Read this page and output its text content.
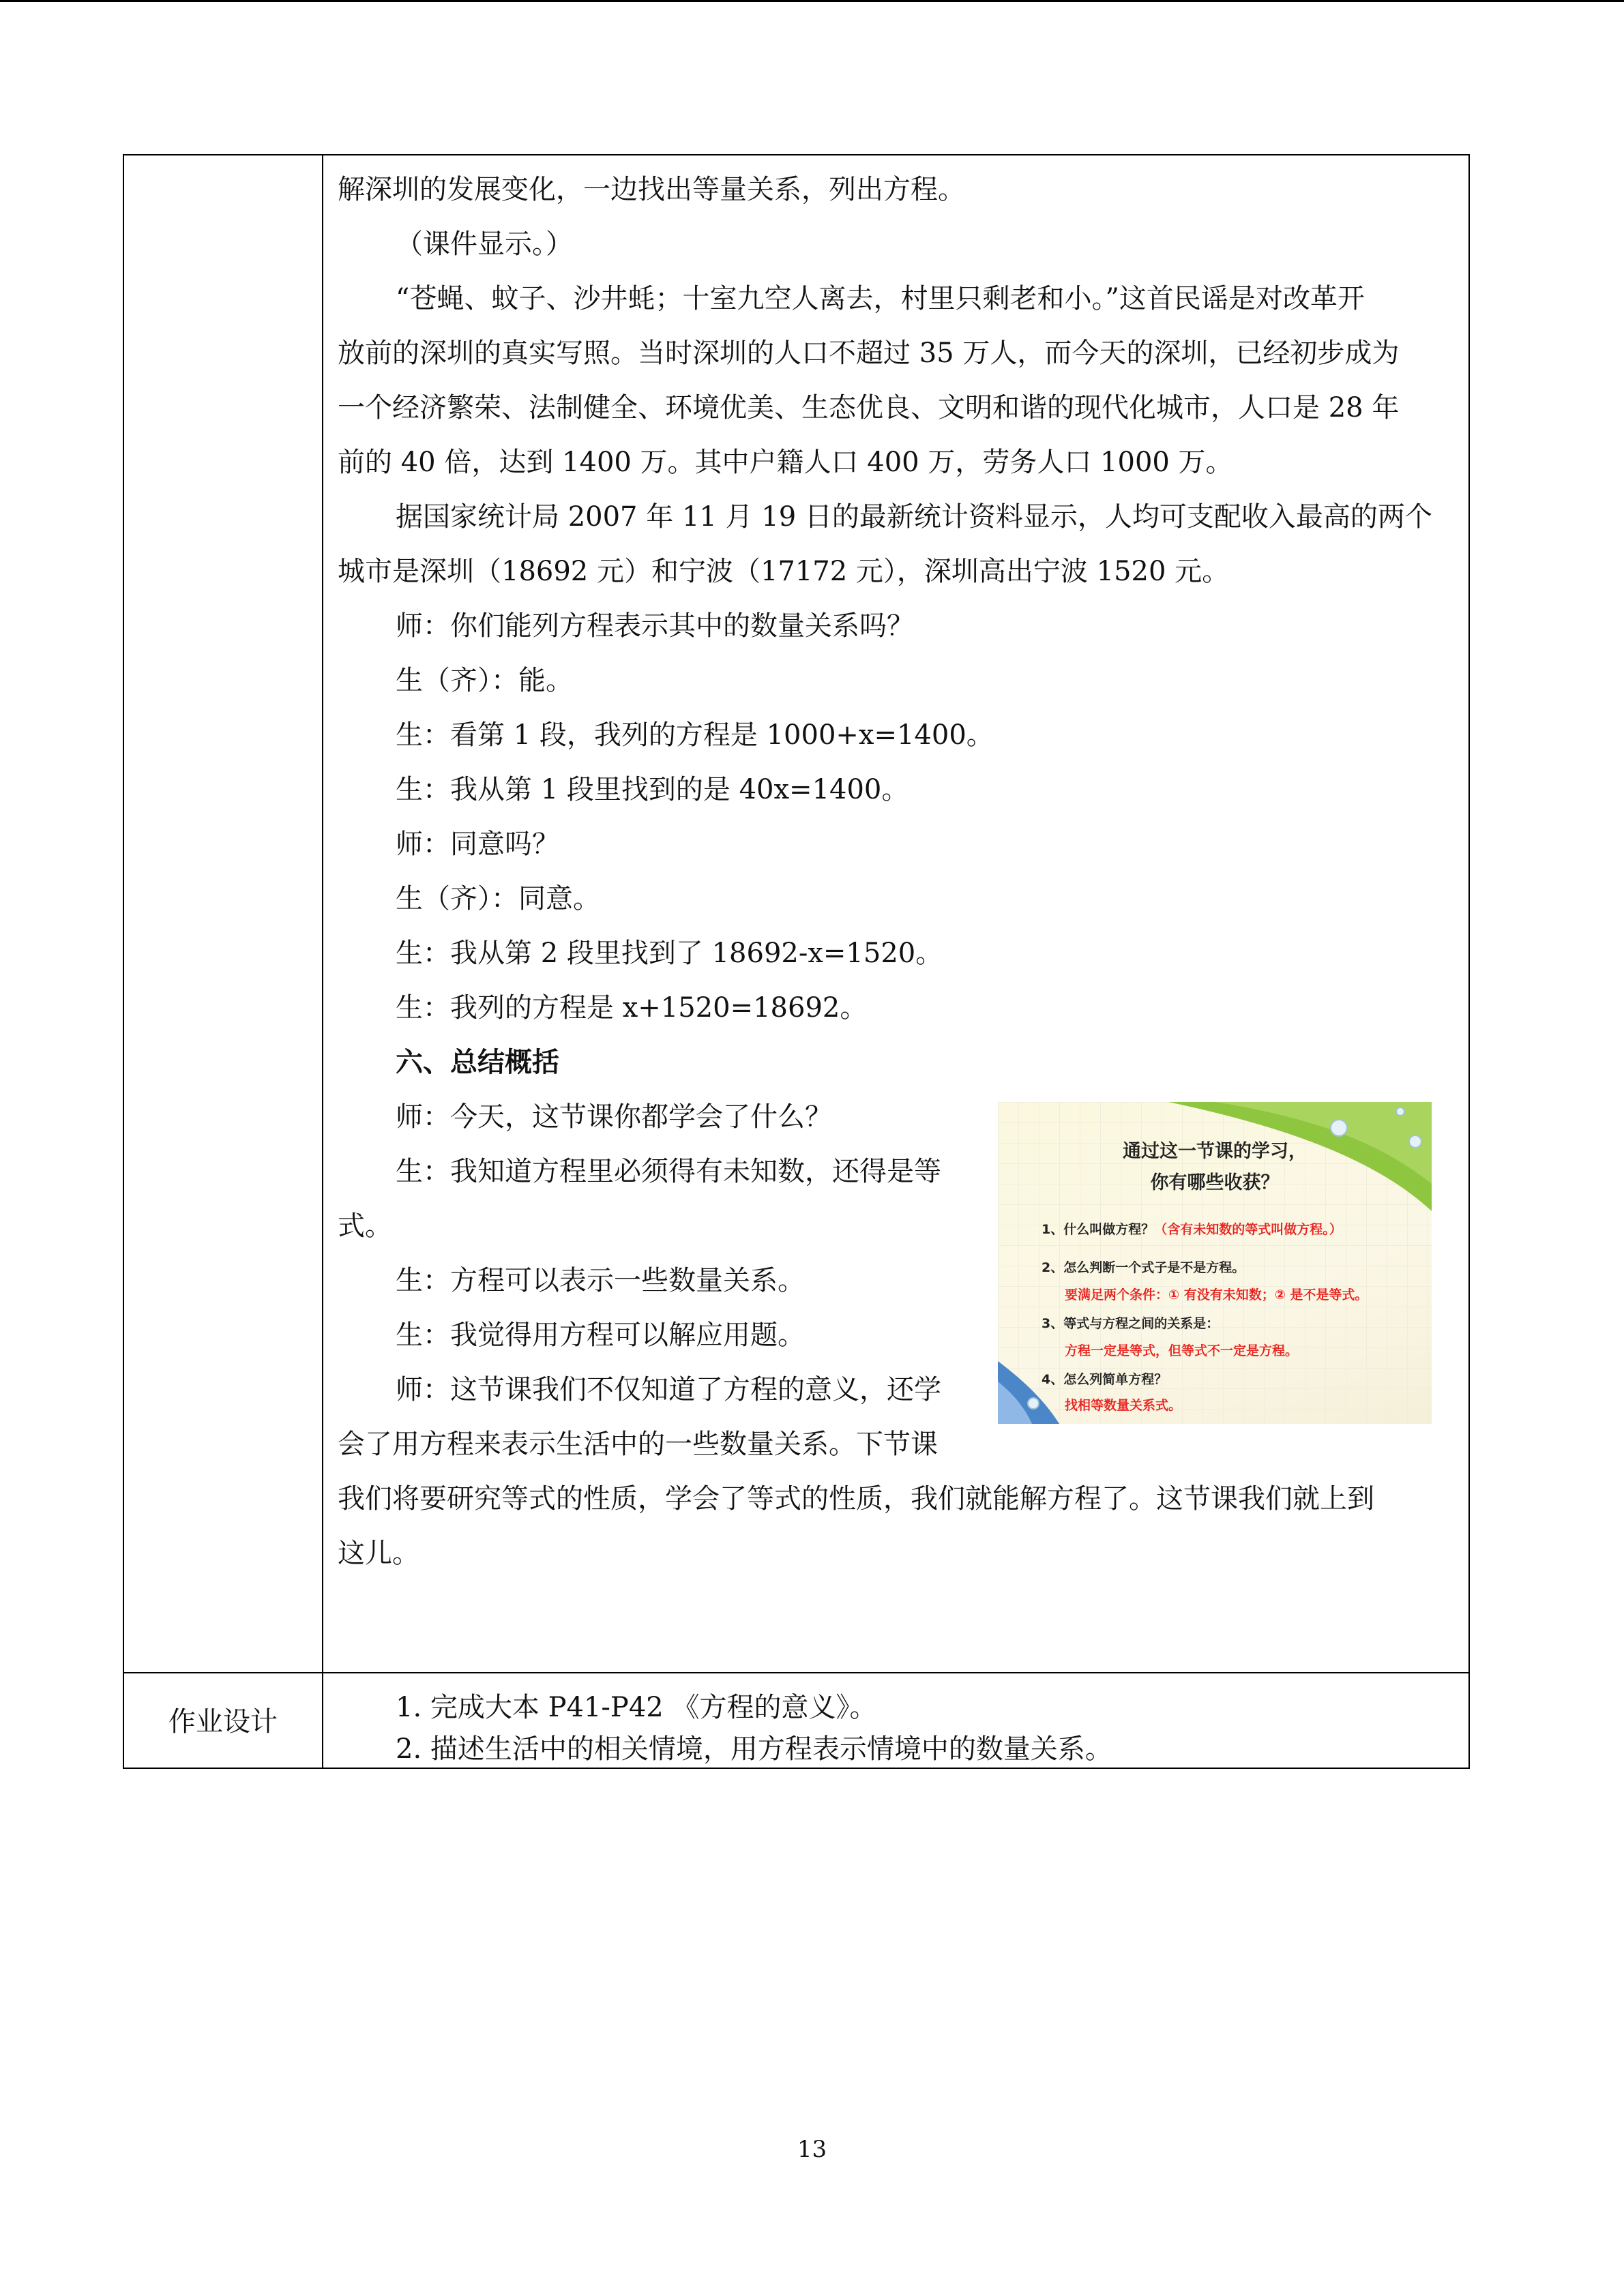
作业设计

解深圳的发展变化，一边找出等量关系，列出方程。

（课件显示。）

“苍蝇、蚊子、沙井蚝；十室九空人离去，村里只剩老和小。”这首民谣是对改革开

放前的深圳的真实写照。当时深圳的人口不超过 35 万人，而今天的深圳，已经初步成为

一个经济繁荣、法制健全、环境优美、生态优良、文明和谐的现代化城市，人口是 28 年

前的 40 倍，达到 1400 万。其中户籍人口 400 万，劳务人口 1000 万。

据国家统计局 2007 年 11 月 19 日的最新统计资料显示，人均可支配收入最高的两个

城市是深圳（18692 元）和宁波（17172 元），深圳高出宁波 1520 元。

师：你们能列方程表示其中的数量关系吗？

生（齐）：能。

生：看第 1 段，我列的方程是 1000+x=1400。

生：我从第 1 段里找到的是 40x=1400。

师：同意吗？

生（齐）：同意。

生：我从第 2 段里找到了 18692-x=1520。

生：我列的方程是 x+1520=18692。

六、总结概括

师：今天，这节课你都学会了什么？

生：我知道方程里必须得有未知数，还得是等

式。

生：方程可以表示一些数量关系。

生：我觉得用方程可以解应用题。

师：这节课我们不仅知道了方程的意义，还学

会了用方程来表示生活中的一些数量关系。下节课

我们将要研究等式的性质，学会了等式的性质，我们就能解方程了。这节课我们就上到

这儿。

1. 完成大本 P41-P42 《方程的意义》。
2. 描述生活中的相关情境，用方程表示情境中的数量关系。
通过这一节课的学习，
你有哪些收获？
1、什么叫做方程？（含有未知数的等式叫做方程。）
2、怎么判断一个式子是不是方程。
要满足两个条件：① 有没有未知数；② 是不是等式。
3、等式与方程之间的关系是：
方程一定是等式，但等式不一定是方程。
4、怎么列简单方程？
找相等数量关系式。
13
